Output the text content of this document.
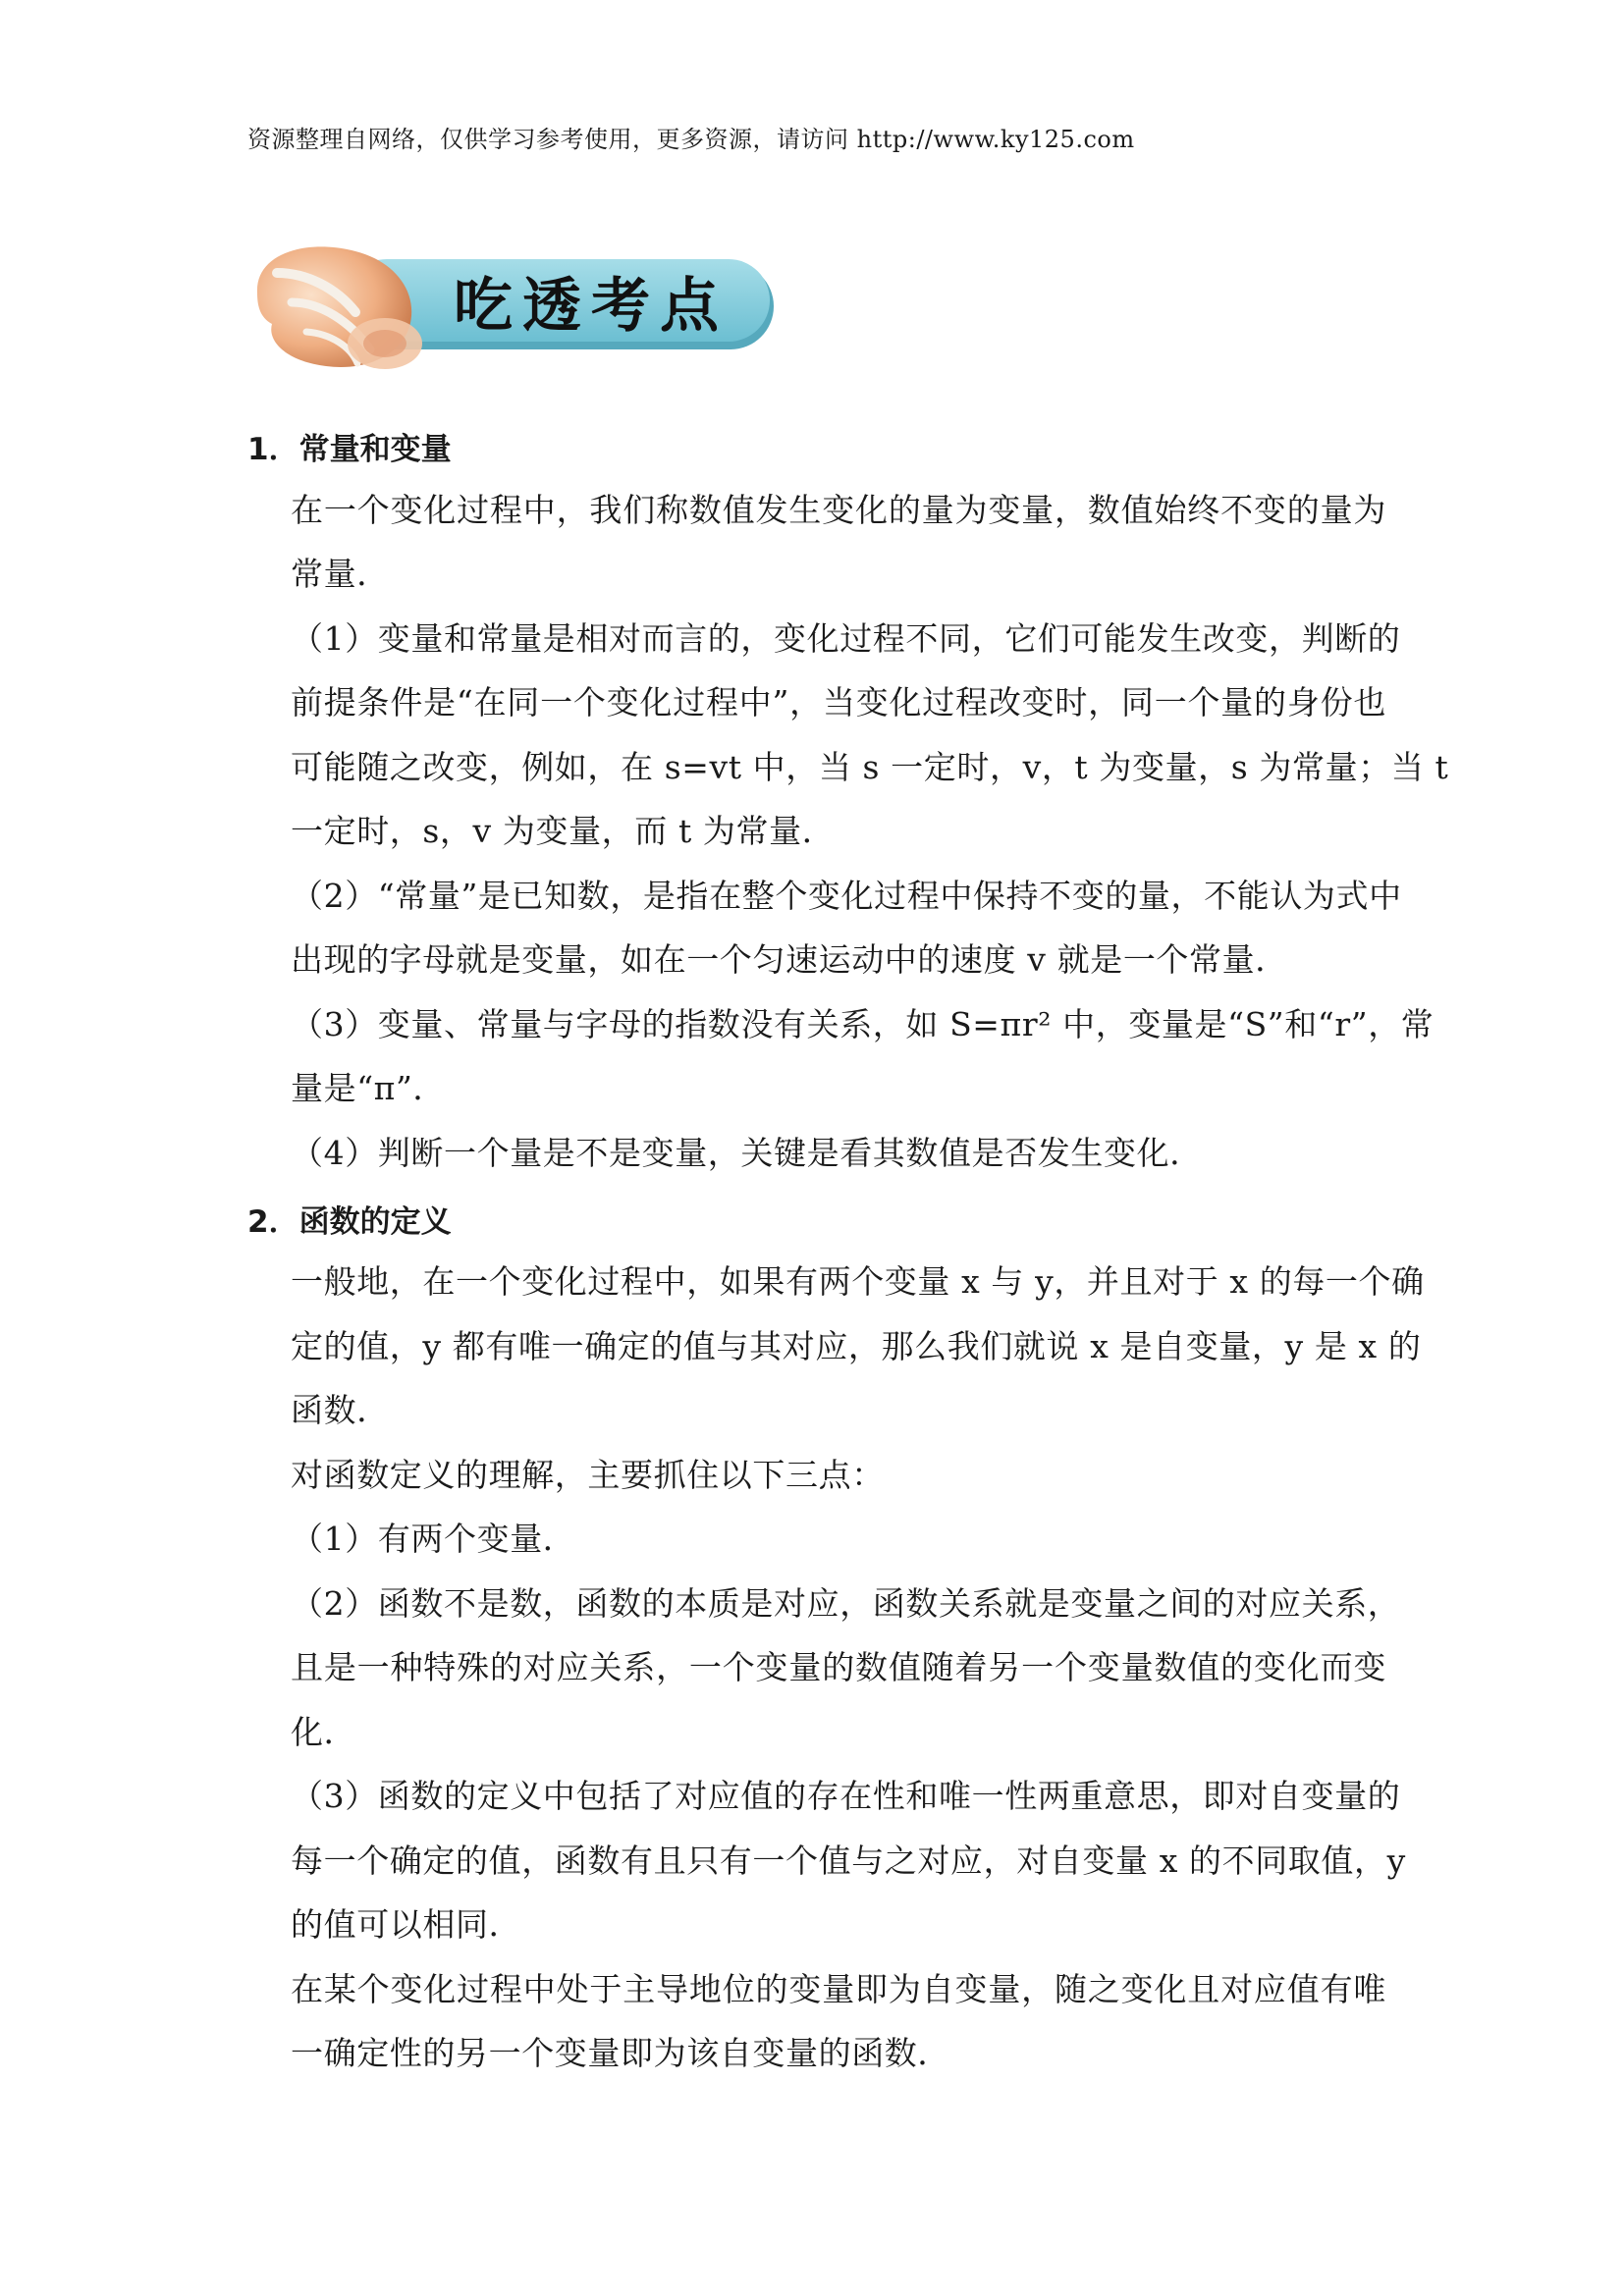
资源整理自网络，仅供学习参考使用，更多资源，请访问 http://www.ky125.com
吃透考点
1．常量和变量
在一个变化过程中，我们称数值发生变化的量为变量，数值始终不变的量为
常量．
（1）变量和常量是相对而言的，变化过程不同，它们可能发生改变，判断的
前提条件是“在同一个变化过程中”，当变化过程改变时，同一个量的身份也
可能随之改变，例如，在 s=vt 中，当 s 一定时，v，t 为变量，s 为常量；当 t
一定时，s，v 为变量，而 t 为常量．
（2）“常量”是已知数，是指在整个变化过程中保持不变的量，不能认为式中
出现的字母就是变量，如在一个匀速运动中的速度 v 就是一个常量．
（3）变量、常量与字母的指数没有关系，如 S=πr² 中，变量是“S”和“r”，常
量是“π”．
（4）判断一个量是不是变量，关键是看其数值是否发生变化．
2．函数的定义
一般地，在一个变化过程中，如果有两个变量 x 与 y，并且对于 x 的每一个确
定的值，y 都有唯一确定的值与其对应，那么我们就说 x 是自变量，y 是 x 的
函数．
对函数定义的理解，主要抓住以下三点：
（1）有两个变量．
（2）函数不是数，函数的本质是对应，函数关系就是变量之间的对应关系，
且是一种特殊的对应关系，一个变量的数值随着另一个变量数值的变化而变
化．
（3）函数的定义中包括了对应值的存在性和唯一性两重意思，即对自变量的
每一个确定的值，函数有且只有一个值与之对应，对自变量 x 的不同取值，y
的值可以相同．
在某个变化过程中处于主导地位的变量即为自变量，随之变化且对应值有唯
一确定性的另一个变量即为该自变量的函数．
